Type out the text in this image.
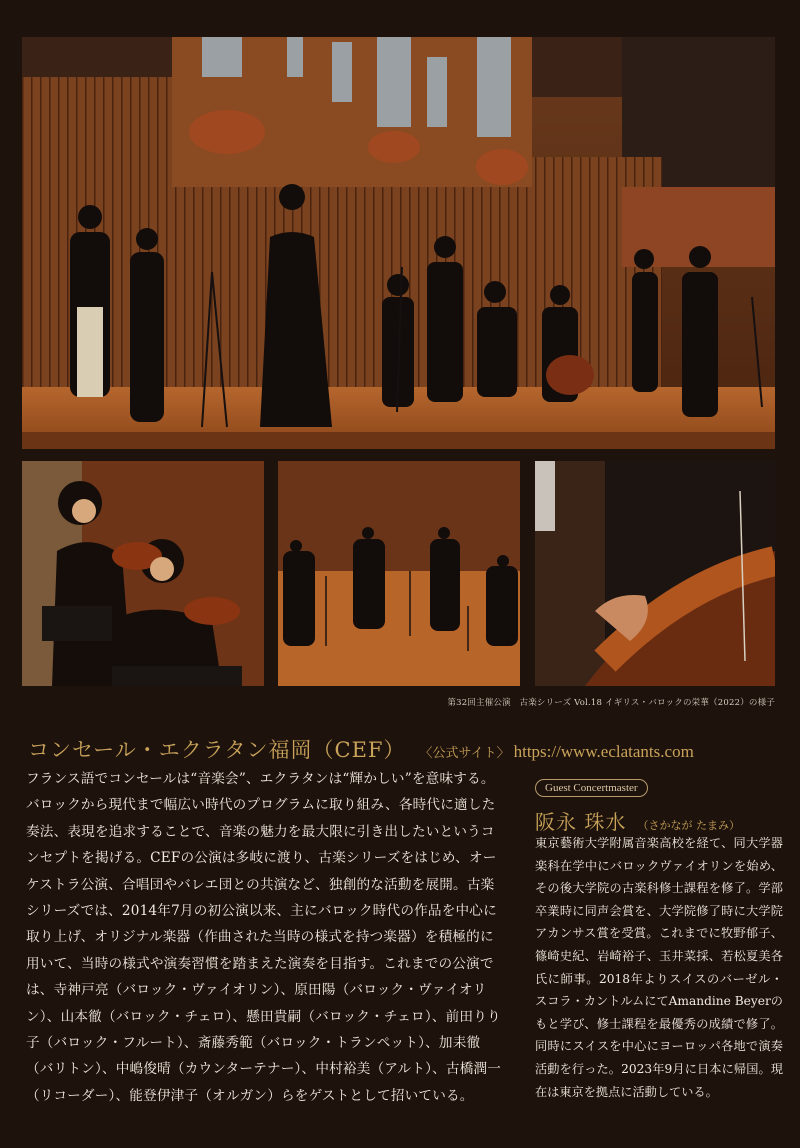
第32回主催公演　古楽シリーズ Vol.18 イギリス・バロックの栄華（2022）の様子
コンセール・エクラタン福岡（CEF） 〈公式サイト〉 https://www.eclatants.com
フランス語でコンセールは“音楽会”、エクラタンは“輝かしい”を意味する。バロックから現代まで幅広い時代のプログラムに取り組み、各時代に適した奏法、表現を追求することで、音楽の魅力を最大限に引き出したいというコンセプトを掲げる。CEFの公演は多岐に渡り、古楽シリーズをはじめ、オーケストラ公演、合唱団やバレエ団との共演など、独創的な活動を展開。古楽シリーズでは、2014年7月の初公演以来、主にバロック時代の作品を中心に取り上げ、オリジナル楽器（作曲された当時の様式を持つ楽器）を積極的に用いて、当時の様式や演奏習慣を踏まえた演奏を目指す。これまでの公演では、寺神戸亮（バロック・ヴァイオリン）、原田陽（バロック・ヴァイオリン）、山本徹（バロック・チェロ）、懸田貴嗣（バロック・チェロ）、前田りり子（バロック・フルート）、斎藤秀範（バロック・トランペット）、加耒徹（バリトン）、中嶋俊晴（カウンターテナー）、中村裕美（アルト）、古橋潤一（リコーダー）、能登伊津子（オルガン）らをゲストとして招いている。
Guest Concertmaster
阪永 珠水 （さかなが たまみ）
東京藝術大学附属音楽高校を経て、同大学器楽科在学中にバロックヴァイオリンを始め、その後大学院の古楽科修士課程を修了。学部卒業時に同声会賞を、大学院修了時に大学院アカンサス賞を受賞。これまでに牧野郁子、篠崎史紀、岩崎裕子、玉井菜採、若松夏美各氏に師事。2018年よりスイスのバーゼル・スコラ・カントルムにてAmandine Beyerのもと学び、修士課程を最優秀の成績で修了。同時にスイスを中心にヨーロッパ各地で演奏活動を行った。2023年9月に日本に帰国。現在は東京を拠点に活動している。
